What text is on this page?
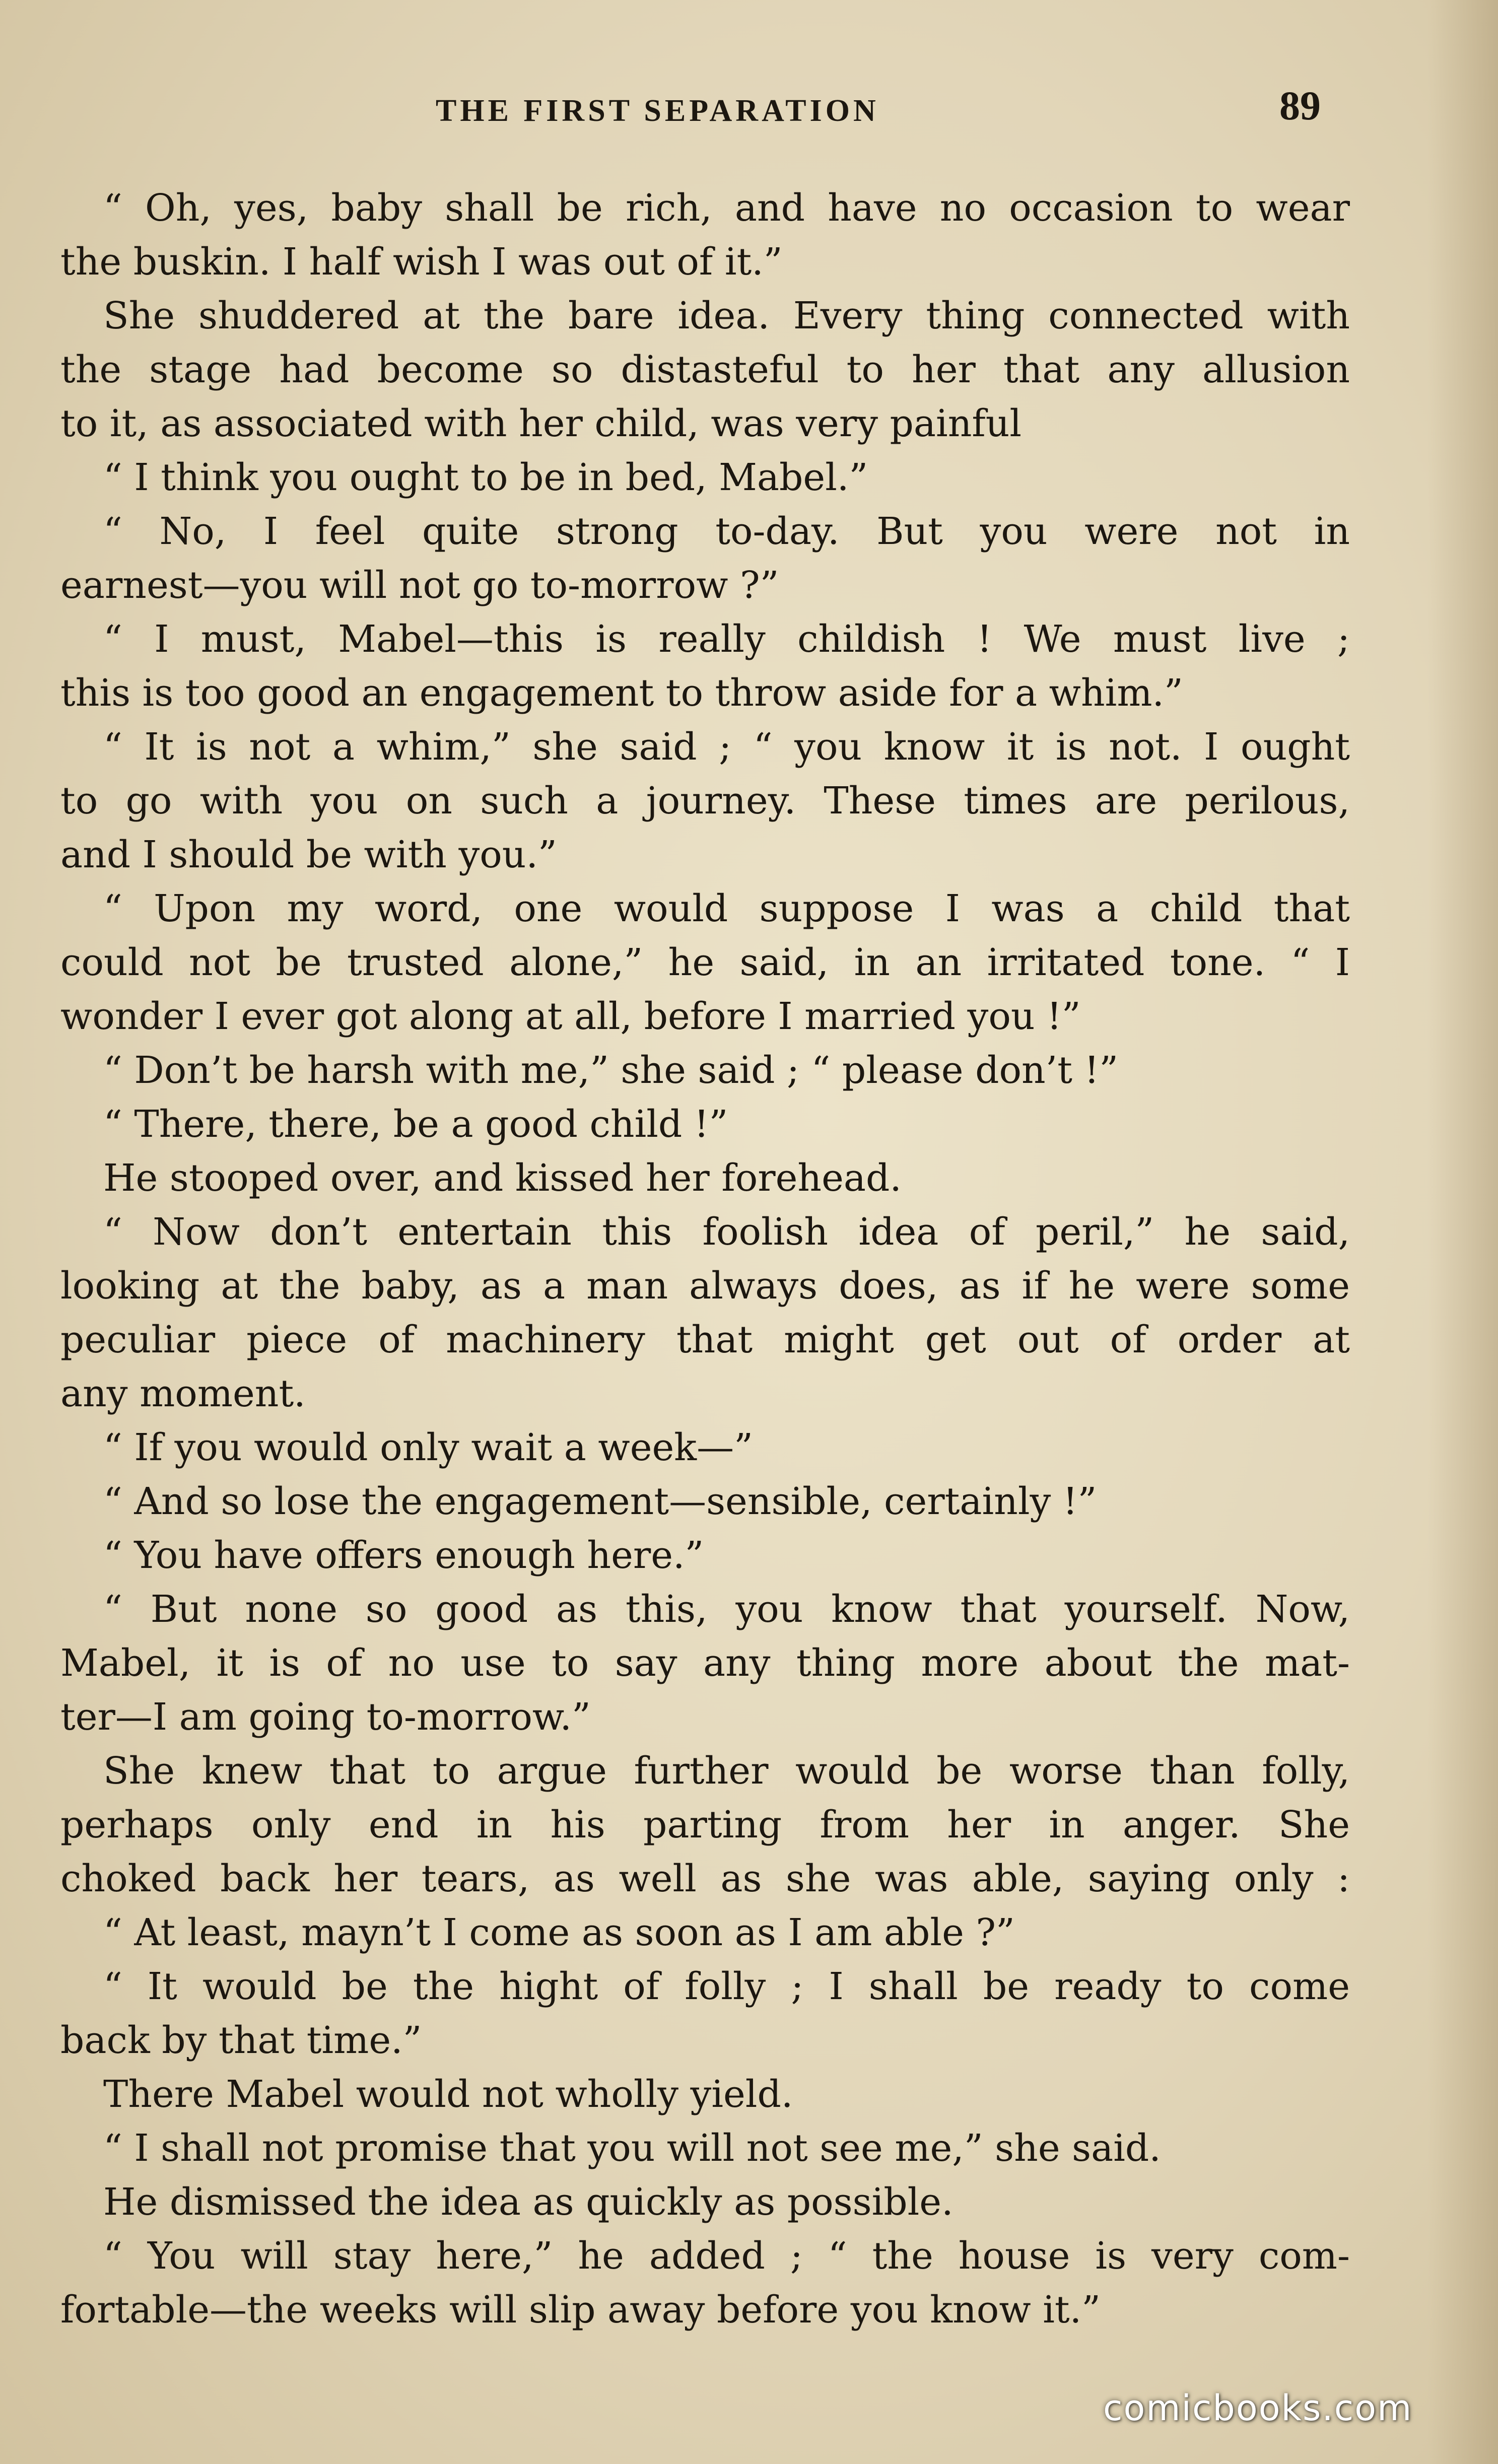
THE FIRST SEPARATION	89
“ Oh, yes, baby shall be rich, and have no occasion to wear
the buskin. I half wish I was out of it.”
She shuddered at the bare idea. Every thing connected with
the stage had become so distasteful to her that any allusion
to it, as associated with her child, was very painful
“ I think you ought to be in bed, Mabel.”
“ No, I feel quite strong to-day. But you were not in
earnest—you will not go to-morrow ?”
“ I must, Mabel—this is really childish ! We must live ;
this is too good an engagement to throw aside for a whim.”
“ It is not a whim,” she said ; “ you know it is not. I ought
to go with you on such a journey. These times are perilous,
and I should be with you.”
“ Upon my word, one would suppose I was a child that
could not be trusted alone,” he said, in an irritated tone. “ I
wonder I ever got along at all, before I married you !”
“ Don’t be harsh with me,” she said ; “ please don’t !”
“ There, there, be a good child !”
He stooped over, and kissed her forehead.
“ Now don’t entertain this foolish idea of peril,” he said,
looking at the baby, as a man always does, as if he were some
peculiar piece of machinery that might get out of order at
any moment.
“ If you would only wait a week—”
“ And so lose the engagement—sensible, certainly !”
“ You have offers enough here.”
“ But none so good as this, you know that yourself. Now,
Mabel, it is of no use to say any thing more about the mat-
ter—I am going to-morrow.”
She knew that to argue further would be worse than folly,
perhaps only end in his parting from her in anger. She
choked back her tears, as well as she was able, saying only :
“ At least, mayn’t I come as soon as I am able ?”
“ It would be the hight of folly ; I shall be ready to come
back by that time.”
There Mabel would not wholly yield.
“ I shall not promise that you will not see me,” she said.
He dismissed the idea as quickly as possible.
“ You will stay here,” he added ; “ the house is very com-
fortable—the weeks will slip away before you know it.”
comicbooks.com
